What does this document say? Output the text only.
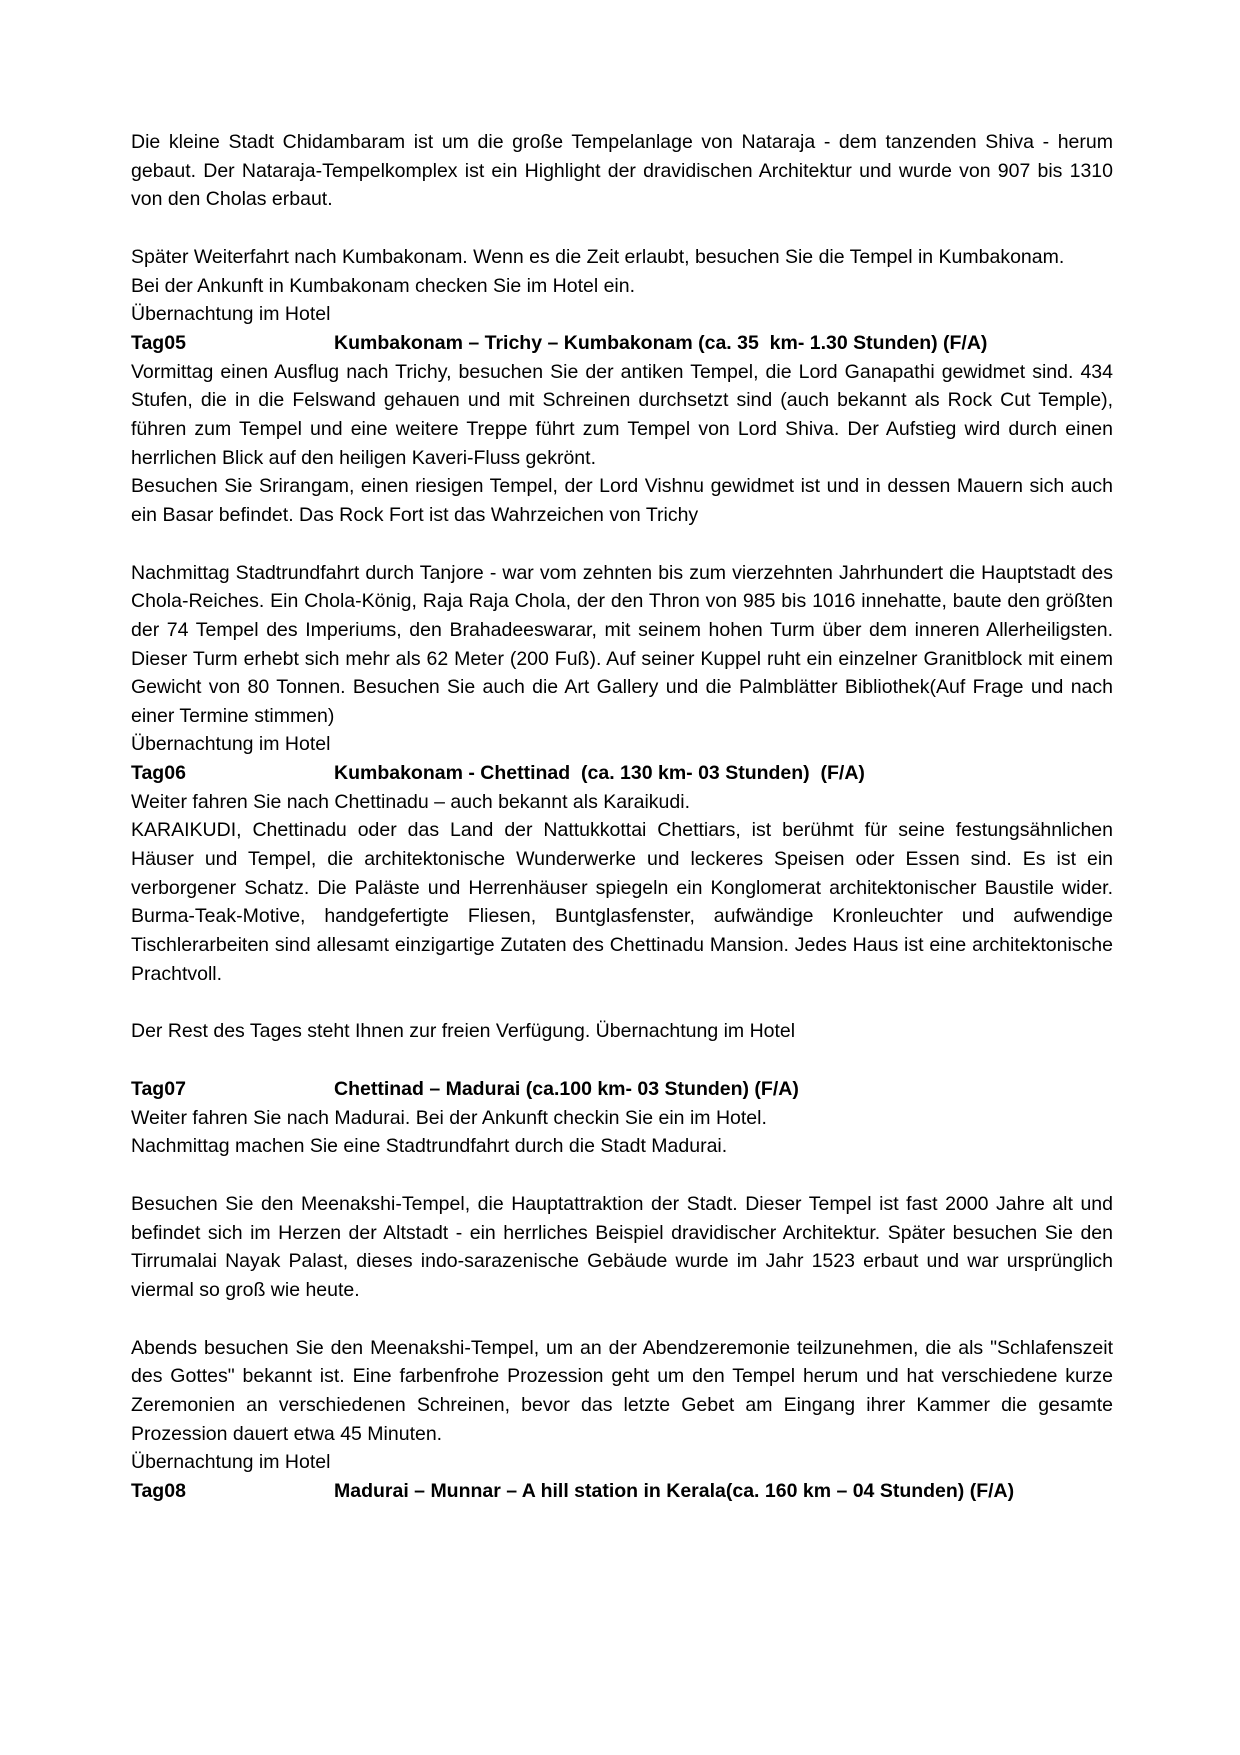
Die kleine Stadt Chidambaram ist um die große Tempelanlage von Nataraja - dem tanzenden Shiva - herum gebaut. Der Nataraja-Tempelkomplex ist ein Highlight der dravidischen Architektur und wurde von 907 bis 1310 von den Cholas erbaut.

Später Weiterfahrt nach Kumbakonam. Wenn es die Zeit erlaubt, besuchen Sie die Tempel in Kumbakonam.

Bei der Ankunft in Kumbakonam checken Sie im Hotel ein.

Übernachtung im Hotel

Tag05	Kumbakonam – Trichy – Kumbakonam (ca. 35  km- 1.30 Stunden) (F/A)

Vormittag einen Ausflug nach Trichy, besuchen Sie der antiken Tempel, die Lord Ganapathi gewidmet sind. 434 Stufen, die in die Felswand gehauen und mit Schreinen durchsetzt sind (auch bekannt als Rock Cut Temple), führen zum Tempel und eine weitere Treppe führt zum Tempel von Lord Shiva. Der Aufstieg wird durch einen herrlichen Blick auf den heiligen Kaveri-Fluss gekrönt.

Besuchen Sie Srirangam, einen riesigen Tempel, der Lord Vishnu gewidmet ist und in dessen Mauern sich auch ein Basar befindet. Das Rock Fort ist das Wahrzeichen von Trichy

Nachmittag Stadtrundfahrt durch Tanjore - war vom zehnten bis zum vierzehnten Jahrhundert die Hauptstadt des Chola-Reiches. Ein Chola-König, Raja Raja Chola, der den Thron von 985 bis 1016 innehatte, baute den größten der 74 Tempel des Imperiums, den Brahadeeswarar, mit seinem hohen Turm über dem inneren Allerheiligsten. Dieser Turm erhebt sich mehr als 62 Meter (200 Fuß). Auf seiner Kuppel ruht ein einzelner Granitblock mit einem Gewicht von 80 Tonnen. Besuchen Sie auch die Art Gallery und die Palmblätter Bibliothek(Auf Frage und nach einer Termine stimmen)

Übernachtung im Hotel

Tag06	Kumbakonam - Chettinad  (ca. 130 km- 03 Stunden)  (F/A)

Weiter fahren Sie nach Chettinadu – auch bekannt als Karaikudi.

KARAIKUDI, Chettinadu oder das Land der Nattukkottai Chettiars, ist berühmt für seine festungsähnlichen Häuser und Tempel, die architektonische Wunderwerke und leckeres Speisen oder Essen sind. Es ist ein verborgener Schatz. Die Paläste und Herrenhäuser spiegeln ein Konglomerat architektonischer Baustile wider. Burma-Teak-Motive, handgefertigte Fliesen, Buntglasfenster, aufwändige Kronleuchter und aufwendige Tischlerarbeiten sind allesamt einzigartige Zutaten des Chettinadu Mansion. Jedes Haus ist eine architektonische Prachtvoll.

Der Rest des Tages steht Ihnen zur freien Verfügung. Übernachtung im Hotel

Tag07	Chettinad – Madurai (ca.100 km- 03 Stunden) (F/A)

Weiter fahren Sie nach Madurai. Bei der Ankunft checkin Sie ein im Hotel.

Nachmittag machen Sie eine Stadtrundfahrt durch die Stadt Madurai.

Besuchen Sie den Meenakshi-Tempel, die Hauptattraktion der Stadt. Dieser Tempel ist fast 2000 Jahre alt und befindet sich im Herzen der Altstadt - ein herrliches Beispiel dravidischer Architektur. Später besuchen Sie den Tirrumalai Nayak Palast, dieses indo-sarazenische Gebäude wurde im Jahr 1523 erbaut und war ursprünglich viermal so groß wie heute.

Abends besuchen Sie den Meenakshi-Tempel, um an der Abendzeremonie teilzunehmen, die als "Schlafenszeit des Gottes" bekannt ist. Eine farbenfrohe Prozession geht um den Tempel herum und hat verschiedene kurze Zeremonien an verschiedenen Schreinen, bevor das letzte Gebet am Eingang ihrer Kammer die gesamte Prozession dauert etwa 45 Minuten.

Übernachtung im Hotel

Tag08	Madurai – Munnar – A hill station in Kerala(ca. 160 km – 04 Stunden) (F/A)
